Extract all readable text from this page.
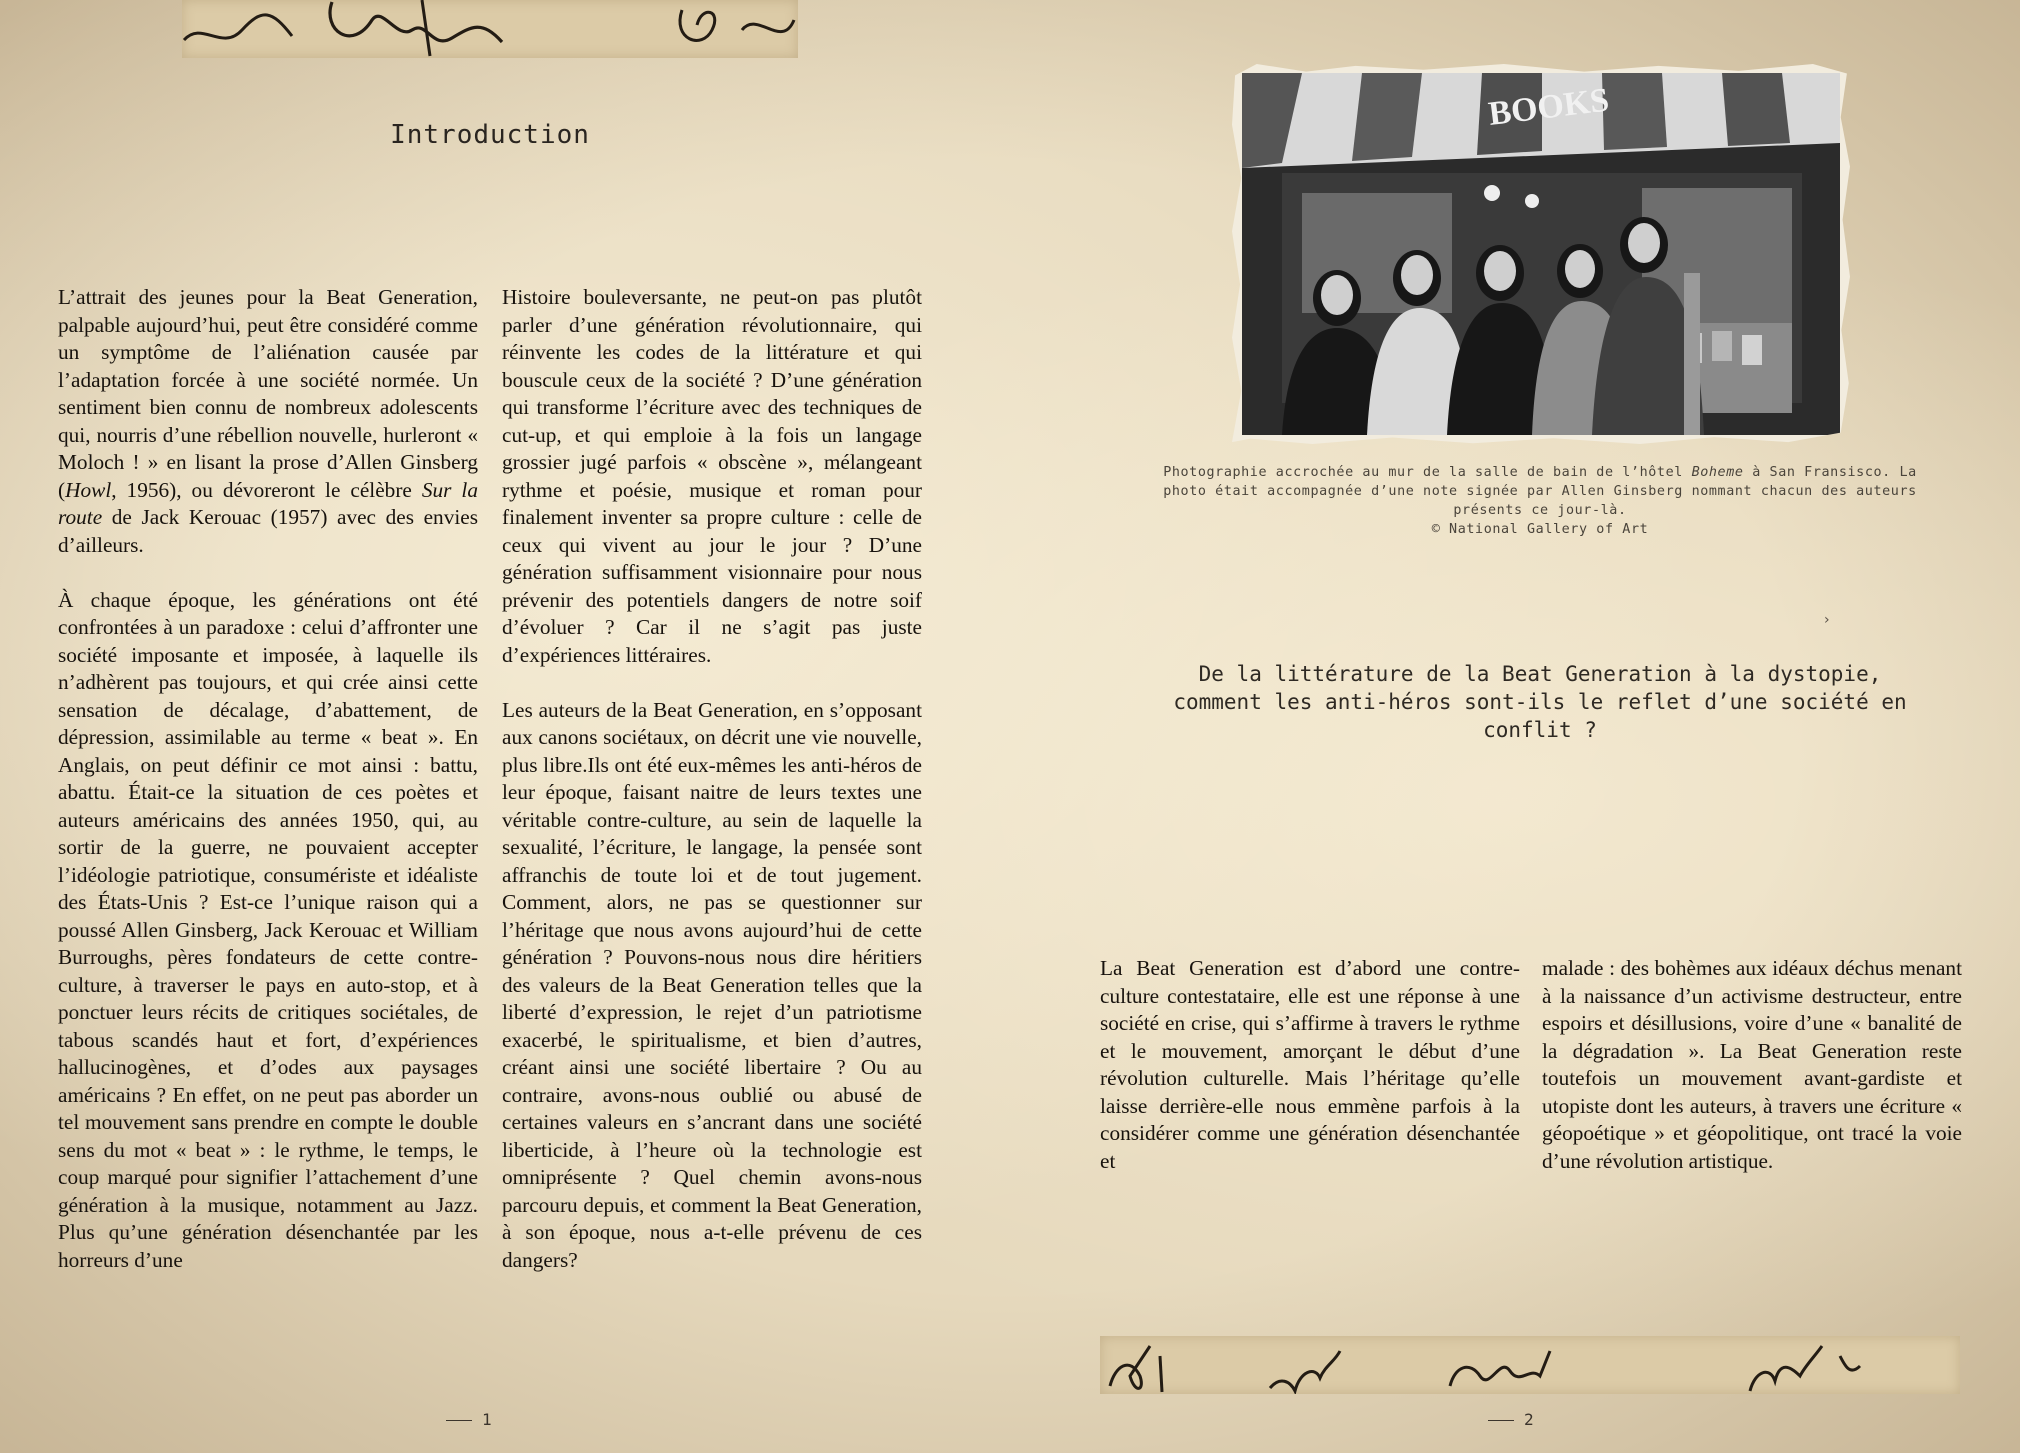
Introduction

L’attrait des jeunes pour la Beat Generation, palpable aujourd’hui, peut être considéré comme un symptôme de l’aliénation causée par l’adaptation forcée à une société normée. Un sentiment bien connu de nombreux adolescents qui, nourris d’une rébellion nouvelle, hurleront « Moloch ! » en lisant la prose d’Allen Ginsberg (Howl, 1956), ou dévoreront le célèbre Sur la route de Jack Kerouac (1957) avec des envies d’ailleurs.

À chaque époque, les générations ont été confrontées à un paradoxe : celui d’affronter une société imposante et imposée, à laquelle ils n’adhèrent pas toujours, et qui crée ainsi cette sensation de décalage, d’abattement, de dépression, assimilable au terme « beat ». En Anglais, on peut définir ce mot ainsi : battu, abattu. Était-ce la situation de ces poètes et auteurs américains des années 1950, qui, au sortir de la guerre, ne pouvaient accepter l’idéologie patriotique, consumériste et idéaliste des États-Unis ? Est-ce l’unique raison qui a poussé Allen Ginsberg, Jack Kerouac et William Burroughs, pères fondateurs de cette contre-culture, à traverser le pays en auto-stop, et à ponctuer leurs récits de critiques sociétales, de tabous scandés haut et fort, d’expériences hallucinogènes, et d’odes aux paysages américains ? En effet, on ne peut pas aborder un tel mouvement sans prendre en compte le double sens du mot « beat » : le rythme, le temps, le coup marqué pour signifier l’attachement d’une génération à la musique, notamment au Jazz. Plus qu’une génération désenchantée par les horreurs d’une

Histoire bouleversante, ne peut-on pas plutôt parler d’une génération révolutionnaire, qui réinvente les codes de la littérature et qui bouscule ceux de la société ? D’une génération qui transforme l’écriture avec des techniques de cut-up, et qui emploie à la fois un langage grossier jugé parfois « obscène », mélangeant rythme et poésie, musique et roman pour finalement inventer sa propre culture : celle de ceux qui vivent au jour le jour ? D’une génération suffisamment visionnaire pour nous prévenir des potentiels dangers de notre soif d’évoluer ? Car il ne s’agit pas juste d’expériences littéraires.

Les auteurs de la Beat Generation, en s’opposant aux canons sociétaux, on décrit une vie nouvelle, plus libre.Ils ont été eux-mêmes les anti-héros de leur époque, faisant naitre de leurs textes une véritable contre-culture, au sein de laquelle la sexualité, l’écriture, le langage, la pensée sont affranchis de toute loi et de tout jugement. Comment, alors, ne pas se questionner sur l’héritage que nous avons aujourd’hui de cette génération ? Pouvons-nous nous dire héritiers des valeurs de la Beat Generation telles que la liberté d’expression, le rejet d’un patriotisme exacerbé, le spiritualisme, et bien d’autres, créant ainsi une société libertaire ? Ou au contraire, avons-nous oublié ou abusé de certaines valeurs en s’ancrant dans une société liberticide, à l’heure où la technologie est omniprésente ? Quel chemin avons-nous parcouru depuis, et comment la Beat Generation, à son époque, nous a-t-elle prévenu de ces dangers?

1
BOOKS

Photographie accrochée au mur de la salle de bain de l’hôtel Boheme à San Fransisco. La photo était accompagnée d’une note signée par Allen Ginsberg nommant chacun des auteurs présents ce jour-là.

© National Gallery of Art

›
De la littérature de la Beat Generation à la dystopie, comment les anti-héros sont-ils le reflet d’une société en conflit ?
La Beat Generation est d’abord une contre-culture contestataire, elle est une réponse à une société en crise, qui s’affirme à travers le rythme et le mouvement, amorçant le début d’une révolution culturelle. Mais l’héritage qu’elle laisse derrière-elle nous emmène parfois à la considérer comme une génération désenchantée et
malade : des bohèmes aux idéaux déchus menant à la naissance d’un activisme destructeur, entre espoirs et désillusions, voire d’une « banalité de la dégradation ». La Beat Generation reste toutefois un mouvement avant-gardiste et utopiste dont les auteurs, à travers une écriture « géopoétique » et géopolitique, ont tracé la voie d’une révolution artistique.
2
